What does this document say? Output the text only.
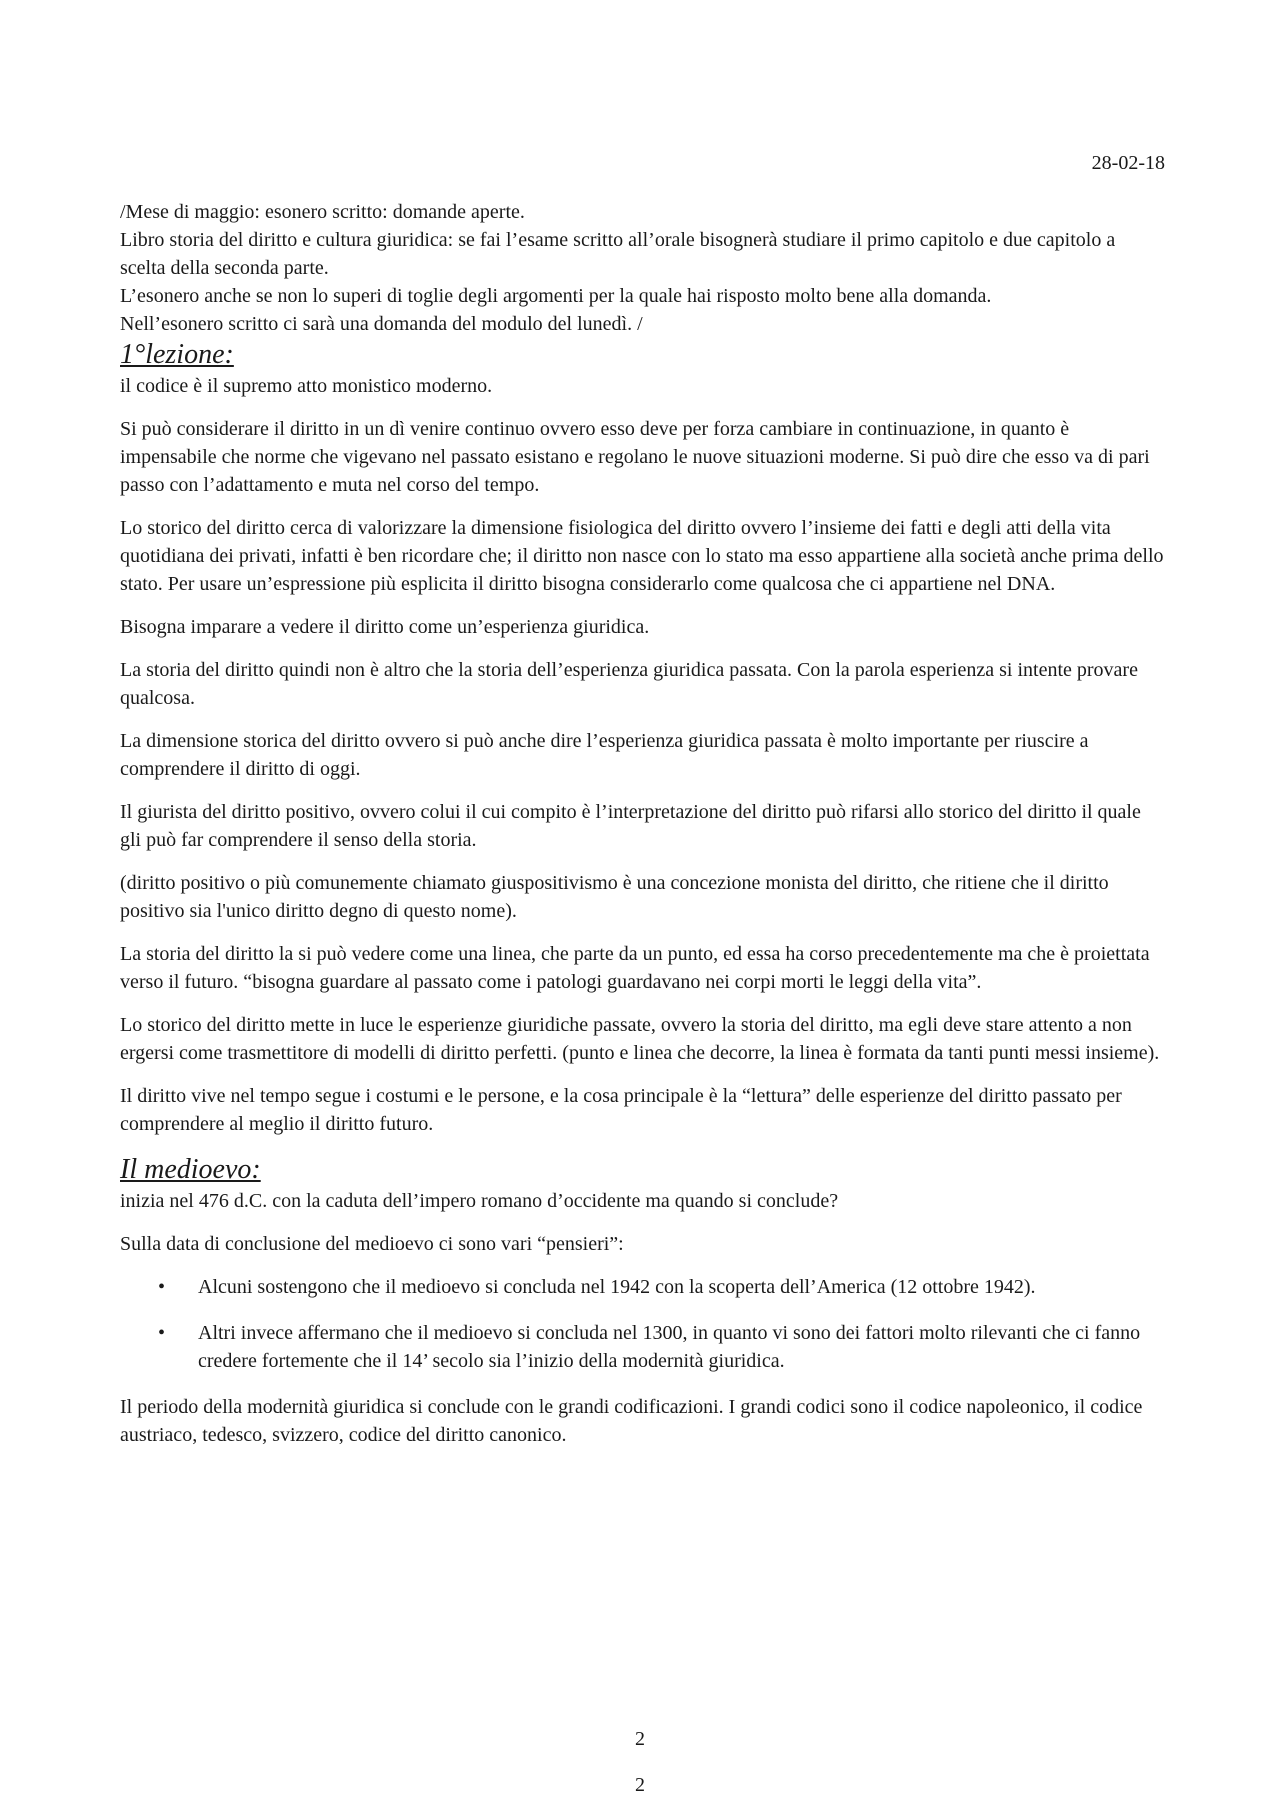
28-02-18

/Mese di maggio: esonero scritto: domande aperte.

Libro storia del diritto e cultura giuridica: se fai l’esame scritto all’orale bisognerà studiare il primo capitolo e due capitolo a scelta della seconda parte.

L’esonero anche se non lo superi di toglie degli argomenti per la quale hai risposto molto bene alla domanda.

Nell’esonero scritto ci sarà una domanda del modulo del lunedì. /

1°lezione:

il codice è il supremo atto monistico moderno.

Si può considerare il diritto in un dì venire continuo ovvero esso deve per forza cambiare in continuazione, in quanto è impensabile che norme che vigevano nel passato esistano e regolano le nuove situazioni moderne. Si può dire che esso va di pari passo con l’adattamento e muta nel corso del tempo.

Lo storico del diritto cerca di valorizzare la dimensione fisiologica del diritto ovvero l’insieme dei fatti e degli atti della vita quotidiana dei privati, infatti è ben ricordare che; il diritto non nasce con lo stato ma esso appartiene alla società anche prima dello stato. Per usare un’espressione più esplicita il diritto bisogna considerarlo come qualcosa che ci appartiene nel DNA.

Bisogna imparare a vedere il diritto come un’esperienza giuridica.

La storia del diritto quindi non è altro che la storia dell’esperienza giuridica passata. Con la parola esperienza si intente provare qualcosa.

La dimensione storica del diritto ovvero si può anche dire l’esperienza giuridica passata è molto importante per riuscire a comprendere il diritto di oggi.

Il giurista del diritto positivo, ovvero colui il cui compito è l’interpretazione del diritto può rifarsi allo storico del diritto il quale gli può far comprendere il senso della storia.

(diritto positivo o più comunemente chiamato giuspositivismo è una concezione monista del diritto, che ritiene che il diritto positivo sia l'unico diritto degno di questo nome).

La storia del diritto la si può vedere come una linea, che parte da un punto, ed essa ha corso precedentemente ma che è proiettata verso il futuro. “bisogna guardare al passato come i patologi guardavano nei corpi morti le leggi della vita”.

Lo storico del diritto mette in luce le esperienze giuridiche passate, ovvero la storia del diritto, ma egli deve stare attento a non ergersi come trasmettitore di modelli di diritto perfetti. (punto e linea che decorre, la linea è formata da tanti punti messi insieme).

Il diritto vive nel tempo segue i costumi e le persone, e la cosa principale è la “lettura” delle esperienze del diritto passato per comprendere al meglio il diritto futuro.

Il medioevo:

inizia nel 476 d.C. con la caduta dell’impero romano d’occidente ma quando si conclude?

Sulla data di conclusione del medioevo ci sono vari “pensieri”:

• Alcuni sostengono che il medioevo si concluda nel 1942 con la scoperta dell’America (12 ottobre 1942).
• Altri invece affermano che il medioevo si concluda nel 1300, in quanto vi sono dei fattori molto rilevanti che ci fanno credere fortemente che il 14’ secolo sia l’inizio della modernità giuridica.

Il periodo della modernità giuridica si conclude con le grandi codificazioni. I grandi codici sono il codice napoleonico, il codice austriaco, tedesco, svizzero, codice del diritto canonico.

2
2
